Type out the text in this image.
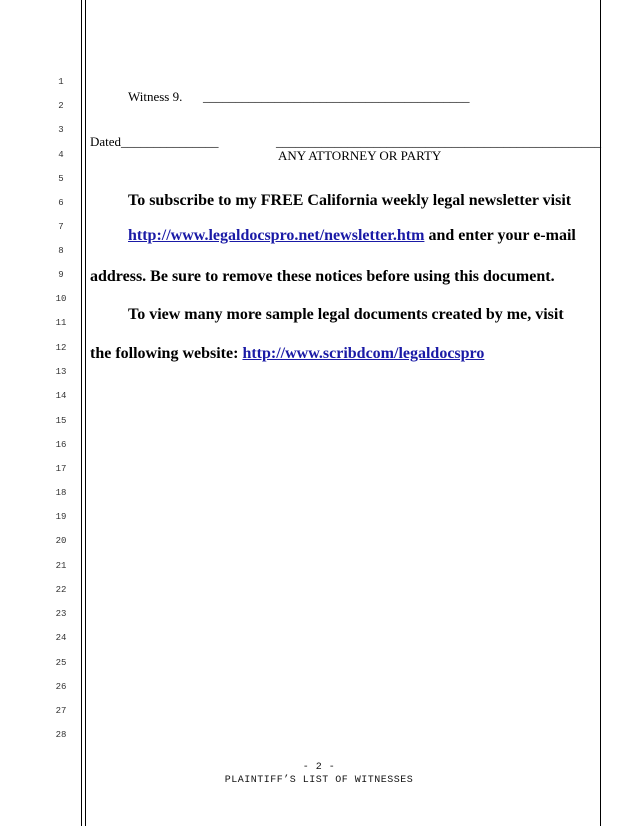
1
2
3
4
5
6
7
8
9
10
11
12
13
14
15
16
17
18
19
20
21
22
23
24
25
26
27
28
Witness 9. _________________________________________
Dated_______________	__________________________________________________
ANY ATTORNEY OR PARTY
To subscribe to my FREE California weekly legal newsletter visit
http://www.legaldocspro.net/newsletter.htm and enter your e-mail
address. Be sure to remove these notices before using this document.
To view many more sample legal documents created by me, visit
the following website: http://www.scribdcom/legaldocspro
- 2 -
PLAINTIFF’S LIST OF WITNESSES
